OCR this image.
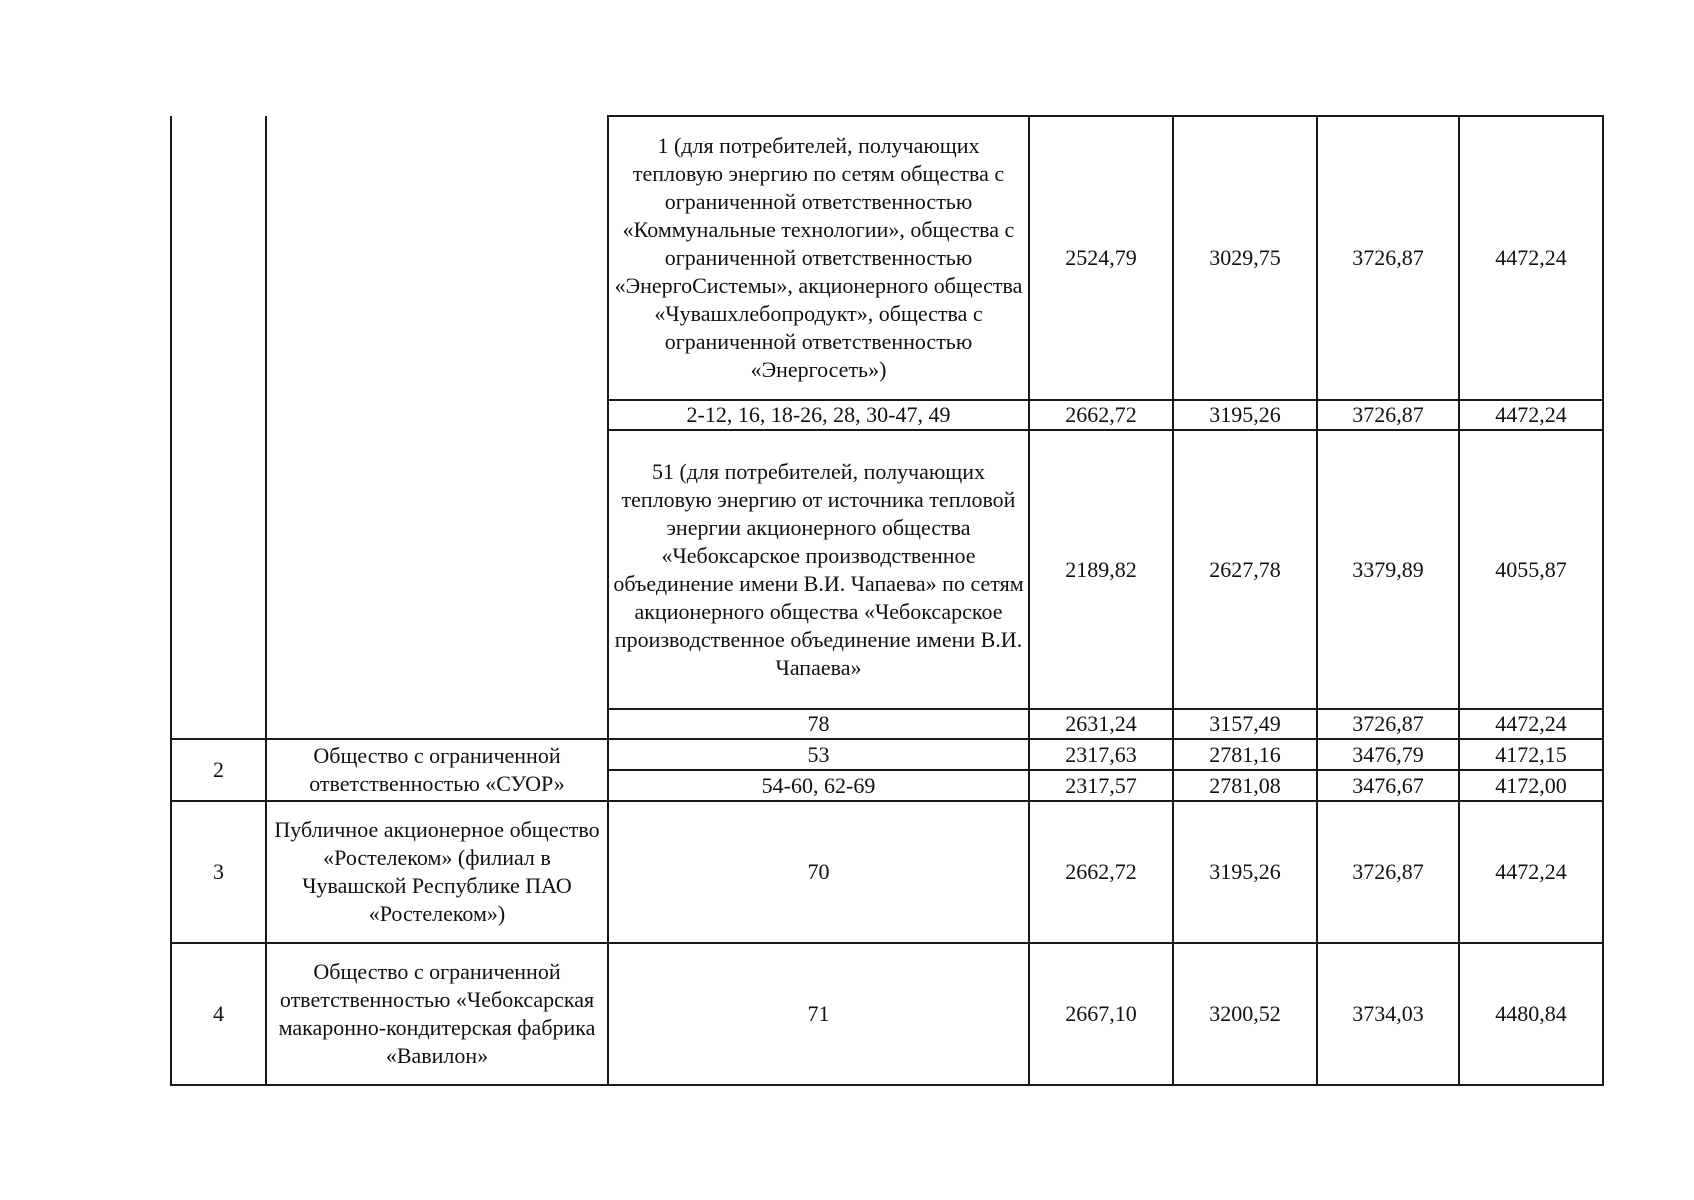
		1 (для потребителей, получающих тепловую энергию по сетям общества с ограниченной ответственностью «Коммунальные технологии», общества с ограниченной ответственностью «ЭнергоСистемы», акционерного общества «Чувашхлебопродукт», общества с ограниченной ответственностью «Энергосеть»)	2524,79	3029,75	3726,87	4472,24
		2-12, 16, 18-26, 28, 30-47, 49	2662,72	3195,26	3726,87	4472,24
		51 (для потребителей, получающих тепловую энергию от источника тепловой энергии акционерного общества «Чебоксарское производственное объединение имени В.И. Чапаева» по сетям акционерного общества «Чебоксарское производственное объединение имени В.И. Чапаева»	2189,82	2627,78	3379,89	4055,87
		78	2631,24	3157,49	3726,87	4472,24
2	Общество с ограниченной ответственностью «СУОР»	53	2317,63	2781,16	3476,79	4172,15
		54-60, 62-69	2317,57	2781,08	3476,67	4172,00
3	Публичное акционерное общество «Ростелеком» (филиал в Чувашской Республике ПАО «Ростелеком»)	70	2662,72	3195,26	3726,87	4472,24
4	Общество с ограниченной ответственностью «Чебоксарская макаронно-кондитерская фабрика «Вавилон»	71	2667,10	3200,52	3734,03	4480,84
